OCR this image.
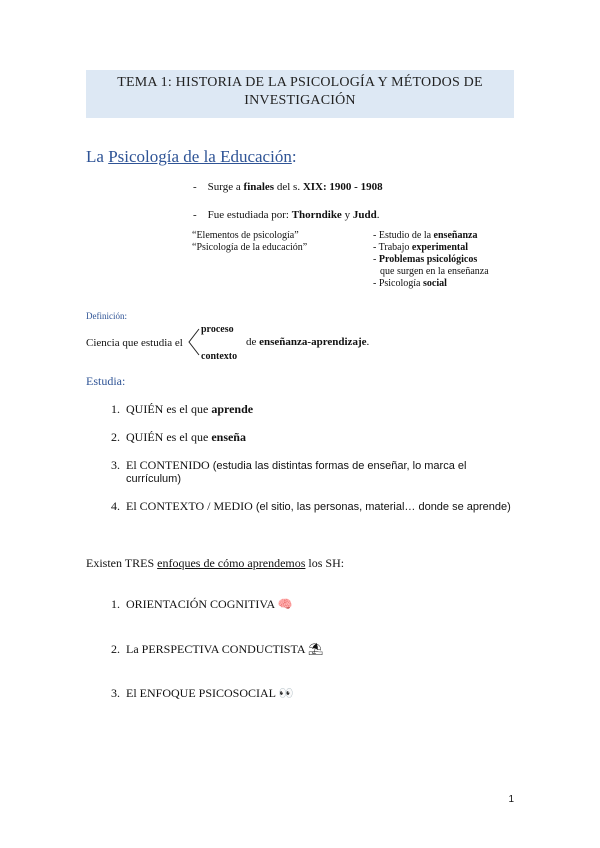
TEMA 1: HISTORIA DE LA PSICOLOGÍA Y MÉTODOS DE
INVESTIGACIÓN
La Psicología de la Educación:
- Surge a finales del s. XIX: 1900 - 1908
- Fue estudiada por: Thorndike y Judd.
“Elementos de psicología”
“Psicología de la educación”
- Estudio de la enseñanza
- Trabajo experimental
- Problemas psicológicos
que surgen en la enseñanza
- Psicología social
Definición:
Ciencia que estudia el
proceso
contexto
de enseñanza-aprendizaje.
Estudia:
1. QUIÉN es el que aprende
2. QUIÉN es el que enseña
3. El CONTENIDO (estudia las distintas formas de enseñar, lo marca el
currículum)
4. El CONTEXTO / MEDIO (el sitio, las personas, material… donde se aprende)
Existen TRES enfoques de cómo aprendemos los SH:
1. ORIENTACIÓN COGNITIVA 🧠
2. La PERSPECTIVA CONDUCTISTA ⛱
3. El ENFOQUE PSICOSOCIAL 👀
1
